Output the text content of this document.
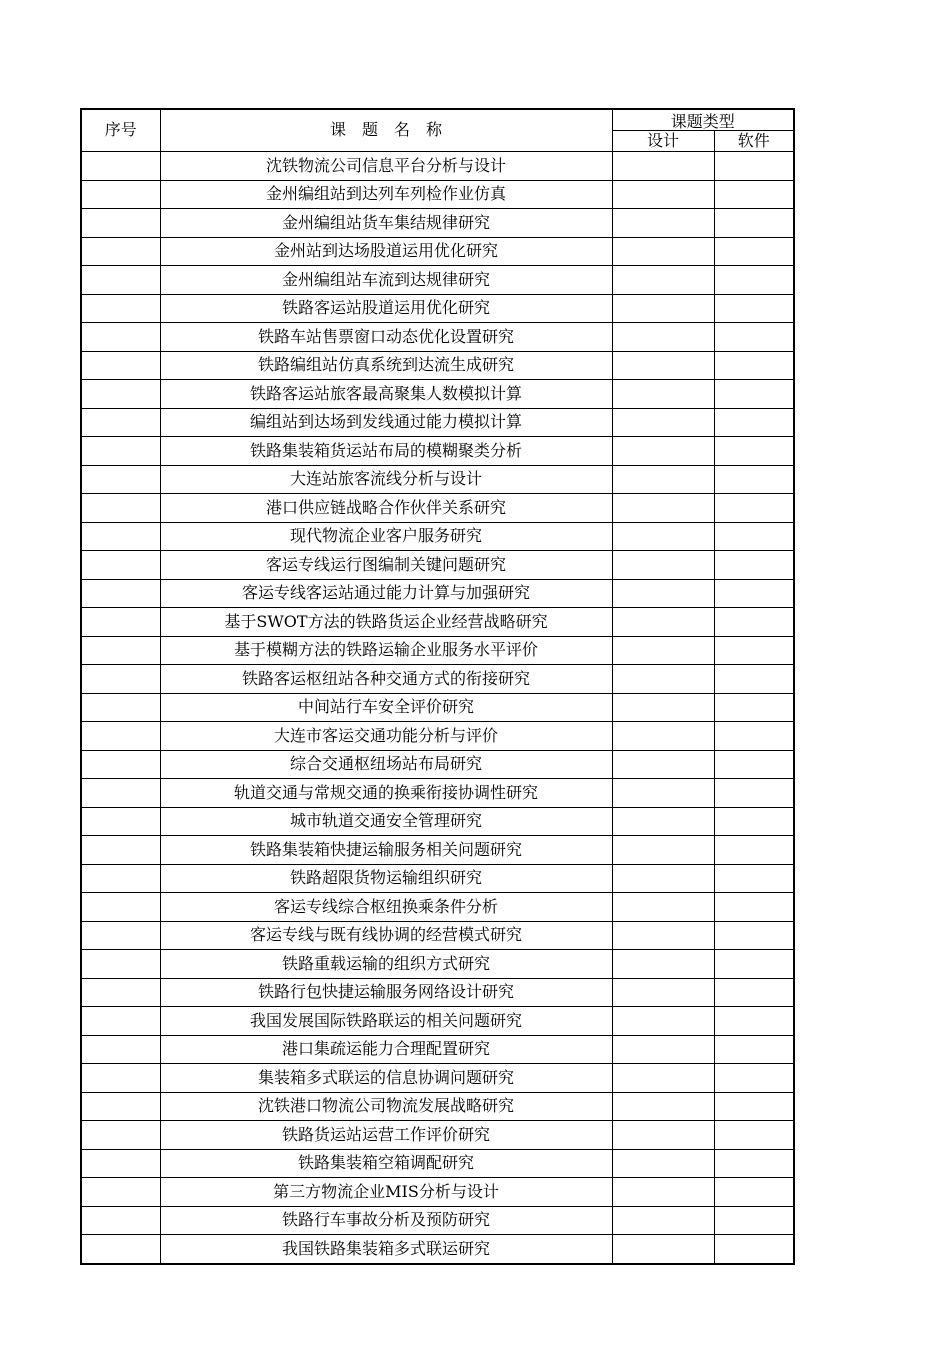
序号	课　题　名　称	课题类型	
		设计	软件
	沈铁物流公司信息平台分析与设计		
	金州编组站到达列车列检作业仿真		
	金州编组站货车集结规律研究		
	金州站到达场股道运用优化研究		
	金州编组站车流到达规律研究		
	铁路客运站股道运用优化研究		
	铁路车站售票窗口动态优化设置研究		
	铁路编组站仿真系统到达流生成研究		
	铁路客运站旅客最高聚集人数模拟计算		
	编组站到达场到发线通过能力模拟计算		
	铁路集装箱货运站布局的模糊聚类分析		
	大连站旅客流线分析与设计		
	港口供应链战略合作伙伴关系研究		
	现代物流企业客户服务研究		
	客运专线运行图编制关键问题研究		
	客运专线客运站通过能力计算与加强研究		
	基于SWOT方法的铁路货运企业经营战略研究		
	基于模糊方法的铁路运输企业服务水平评价		
	铁路客运枢纽站各种交通方式的衔接研究		
	中间站行车安全评价研究		
	大连市客运交通功能分析与评价		
	综合交通枢纽场站布局研究		
	轨道交通与常规交通的换乘衔接协调性研究		
	城市轨道交通安全管理研究		
	铁路集装箱快捷运输服务相关问题研究		
	铁路超限货物运输组织研究		
	客运专线综合枢纽换乘条件分析		
	客运专线与既有线协调的经营模式研究		
	铁路重载运输的组织方式研究		
	铁路行包快捷运输服务网络设计研究		
	我国发展国际铁路联运的相关问题研究		
	港口集疏运能力合理配置研究		
	集装箱多式联运的信息协调问题研究		
	沈铁港口物流公司物流发展战略研究		
	铁路货运站运营工作评价研究		
	铁路集装箱空箱调配研究		
	第三方物流企业MIS分析与设计		
	铁路行车事故分析及预防研究		
	我国铁路集装箱多式联运研究		
